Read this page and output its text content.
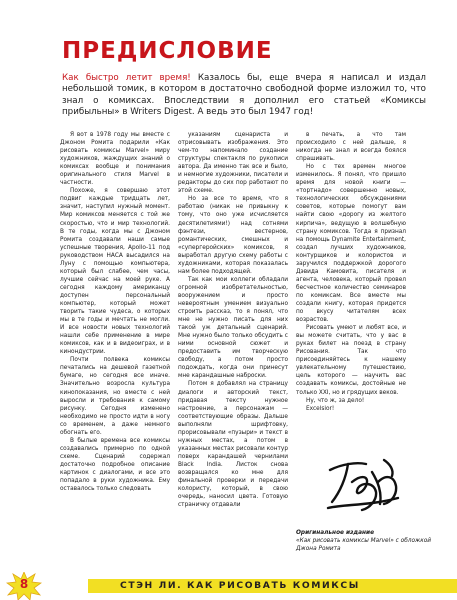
ПРЕДИСЛОВИЕ

Как быстро летит время! Казалось бы, еще вчера я написал и издал небольшой томик, в котором в достаточно свободной форме изложил то, что знал о комиксах. Впоследствии я дополнил его статьей «Комиксы прибыльны» в Writers Digest. А ведь это был 1947 год!

Я вот в 1978 году мы вместе с Джоном Ромита подарили «Как рисовать комиксы Marvel» миру художников, жаждущих знаний о комиксах вообще и понимания оригинального стиля Marvel в частности.

Похоже, я совершаю этот подвиг каждые тридцать лет, значит, наступил нужный момент. Мир комиксов меняется с той же скоростью, что и мир технологий. В те годы, когда мы с Джоном Ромита создавали наши самые успешные творения, Apollo-11 под руководством НАСА высадился на Луну с помощью компьютера, который был слабее, чем часы, лучшие сейчас на моей руке. А сегодня каждому американцу доступен персональный компьютер, который может творить такие чудеса, о которых мы в те годы и мечтать не могли. И все новости новых технологий нашли себе применение в мире комиксов, как и в видеоиграх, и в кинондустрии.

Почти полвека комиксы печатались на дешевой газетной бумаге, но сегодня все иначе. Значительно возросла культура кинопоказания, но вместе с ней выросли и требования к самому рисунку. Сегодня изменено необходимо не просто идти в ногу со временем, а даже немного обогнать его.

В былые времена все комиксы создавались примерно по одной схеме. Сценарий содержал достаточно подробное описание картинок с диалогами, и все это попадало в руки художника. Ему оставалось только следовать

указаниям сценариста и отрисовывать изображения. Это чем-то напоминало создание структуры спектакля по рукописи автора. Да именно так все и было, и немногие художники, писатели и редакторы до сих пор работают по этой схеме.

Но за все то время, что я работаю (никак не привыкну к тому, что оно уже исчисляется десятилетиями!) над сотнями фэнтези, вестернов, романтических, смешных и «супергеройских» комиксов, я выработал другую схему работы с художниками, которая показалась нам более подходящей.

Так как мои коллеги обладали огромной изобретательностью, вооружением и просто невероятным умением визуально строить рассказ, то я понял, что мне не нужно писать для них такой уж детальный сценарий. Мне нужно было только обсудить с ними основной сюжет и предоставить им творческую свободу, а потом просто подождать, когда они принесут мне карандашные наброски.

Потом я добавлял на страницу диалоги и авторский текст, придавая тексту нужное настроение, а персонажам — соответствующие образы. Дальше выполняли шрифтовку, прорисовывали «пузыри» и текст в нужных местах, а потом в указанных местах рисовали контур поверх карандашей чернилами Black India. Листок снова возвращался ко мне для финальной проверки и передачи колористу, который, в свою очередь, наносил цвета. Готовую страничку отдавали

в печать, а что там происходило с ней дальше, я никогда не знал и всегда боялся спрашивать.

Но с тех времен многое изменилось. Я понял, что пришло время для новой книги — «тортнадо» совершенно новых, технологических обсуждениями советов, которые помогут вам найти свою «дорогу из желтого кирпича», ведущую в волшебную страну комиксов. Тогда я признал на помощь Dynamite Entertainment, создал лучших художников, контурщиков и колористов и заручился поддержкой дорогого Дэвида Камовита, писателя и агента, человека, который провел бесчестное количество семинаров по комиксам. Все вместе мы создали книгу, которая придется по вкусу читателям всех возрастов.

Рисовать умеют и любят все, и вы можете считать, что у вас в руках билет на поезд в страну Рисования. Так что присоединяйтесь к нашему увлекательному путешествию, цель которого — научить вас создавать комиксы, достойные не только XXI, но и грядущих веков.

Ну, что ж, за дело!

Excelsior!

Оригинальное издание
«Как рисовать комиксы Marvel» с обложкой Джона Ромита

СТЭН ЛИ. КАК РИСОВАТЬ КОМИКСЫ
8
